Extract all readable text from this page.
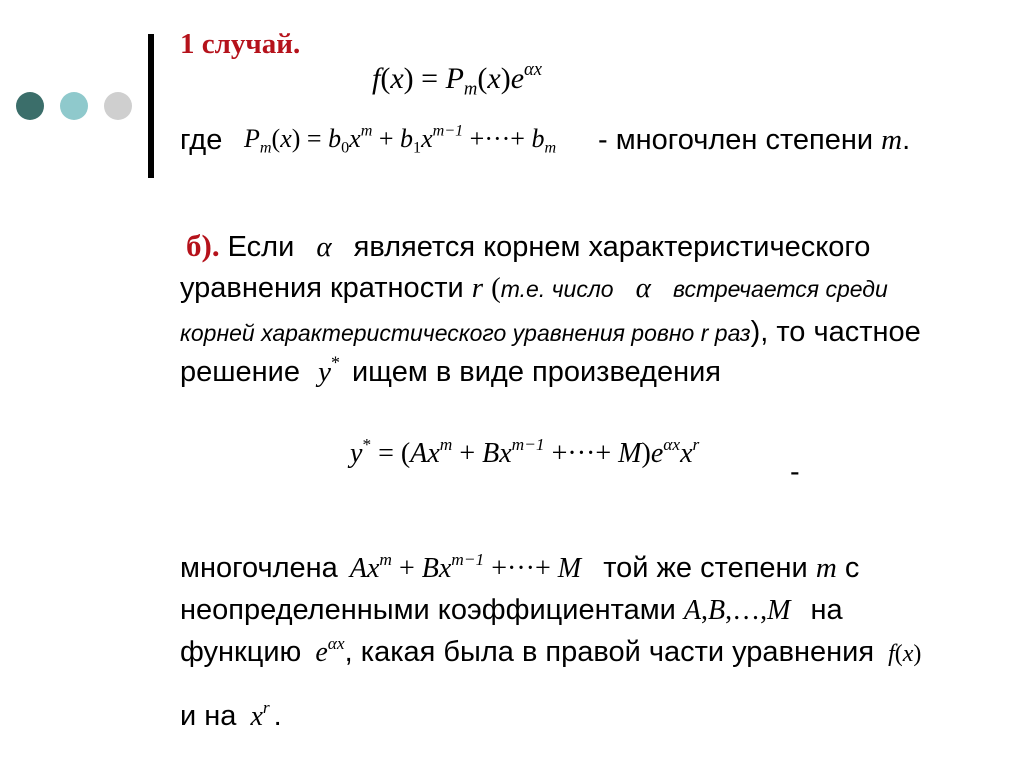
1 случай.
$f(x) = P_m(x)e^{\alpha x}$
где $P_m(x) = b_0x^m + b_1x^{m-1}$ +···+ $b_m$ - многочлен степени m.
б). Если α является корнем характеристического
уравнения кратности r (т.е. число α встречается среди
корней характеристического уравнения ровно r раз), то частное
решение y* ищем в виде произведения
$y^* = (Ax^m + Bx^{m-1}$ +···+ $M)e^{\alpha x}x^r$
-
многочлена $Ax^m + Bx^{m-1}$ +···+ M той же степени m с
неопределенными коэффициентами A,B,…,M на
функцию $e^{\alpha x}$, какая была в правой части уравнения f(x)
и на $x^r$ .
